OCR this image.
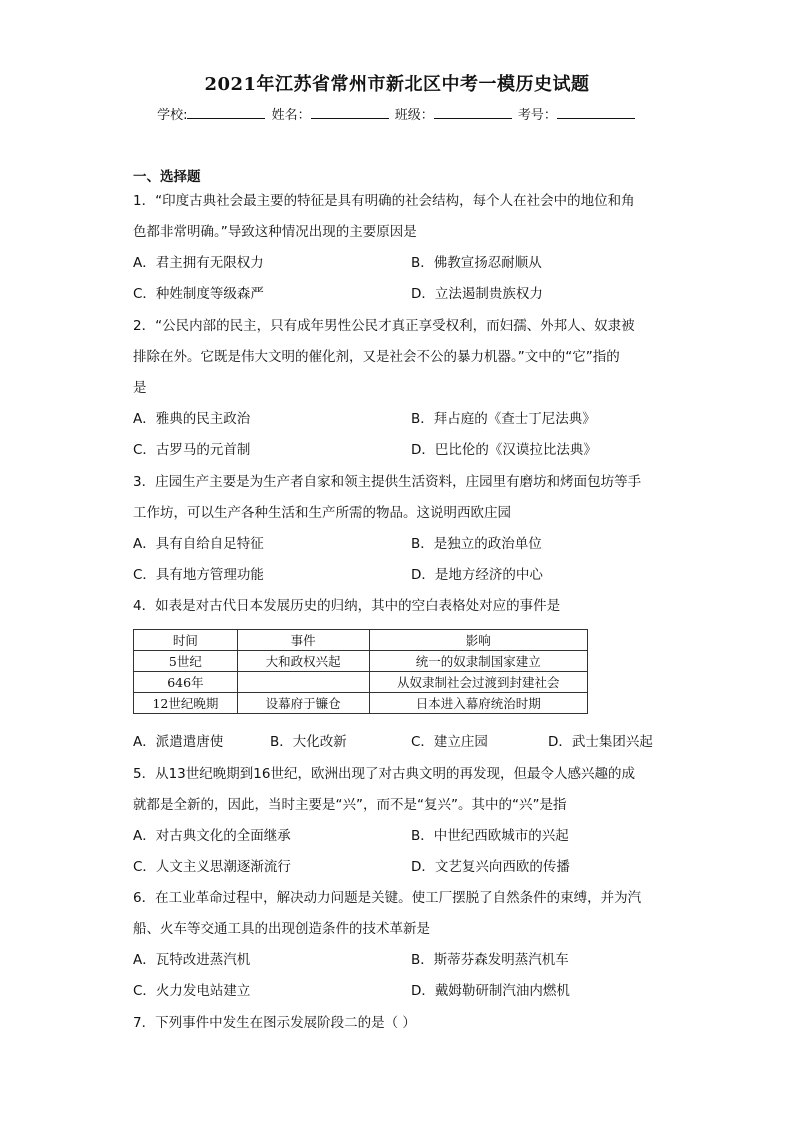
2021年江苏省常州市新北区中考一模历史试题
学校:	姓名：	班级：	考号：
一、选择题
1．“印度古典社会最主要的特征是具有明确的社会结构，每个人在社会中的地位和角
色都非常明确。”导致这种情况出现的主要原因是
A．君主拥有无限权力	B．佛教宣扬忍耐顺从
C．种姓制度等级森严	D．立法遏制贵族权力
2．“公民内部的民主，只有成年男性公民才真正享受权利，而妇孺、外邦人、奴隶被
排除在外。它既是伟大文明的催化剂，又是社会不公的暴力机器。”文中的“它”指的
是
A．雅典的民主政治	B．拜占庭的《查士丁尼法典》
C．古罗马的元首制	D．巴比伦的《汉谟拉比法典》
3．庄园生产主要是为生产者自家和领主提供生活资料，庄园里有磨坊和烤面包坊等手
工作坊，可以生产各种生活和生产所需的物品。这说明西欧庄园
A．具有自给自足特征	B．是独立的政治单位
C．具有地方管理功能	D．是地方经济的中心
4．如表是对古代日本发展历史的归纳，其中的空白表格处对应的事件是
时间	事件	影响
5世纪	大和政权兴起	统一的奴隶制国家建立
646年		从奴隶制社会过渡到封建社会
12世纪晚期	设幕府于镰仓	日本进入幕府统治时期
A．派遣遣唐使	B．大化改新	C．建立庄园	D．武士集团兴起
5．从13世纪晚期到16世纪，欧洲出现了对古典文明的再发现，但最令人感兴趣的成
就都是全新的，因此，当时主要是“兴”，而不是“复兴”。其中的“兴”是指
A．对古典文化的全面继承	B．中世纪西欧城市的兴起
C．人文主义思潮逐渐流行	D．文艺复兴向西欧的传播
6．在工业革命过程中，解决动力问题是关键。使工厂摆脱了自然条件的束缚，并为汽
船、火车等交通工具的出现创造条件的技术革新是
A．瓦特改进蒸汽机	B．斯蒂芬森发明蒸汽机车
C．火力发电站建立	D．戴姆勒研制汽油内燃机
7．下列事件中发生在图示发展阶段二的是（ ）
